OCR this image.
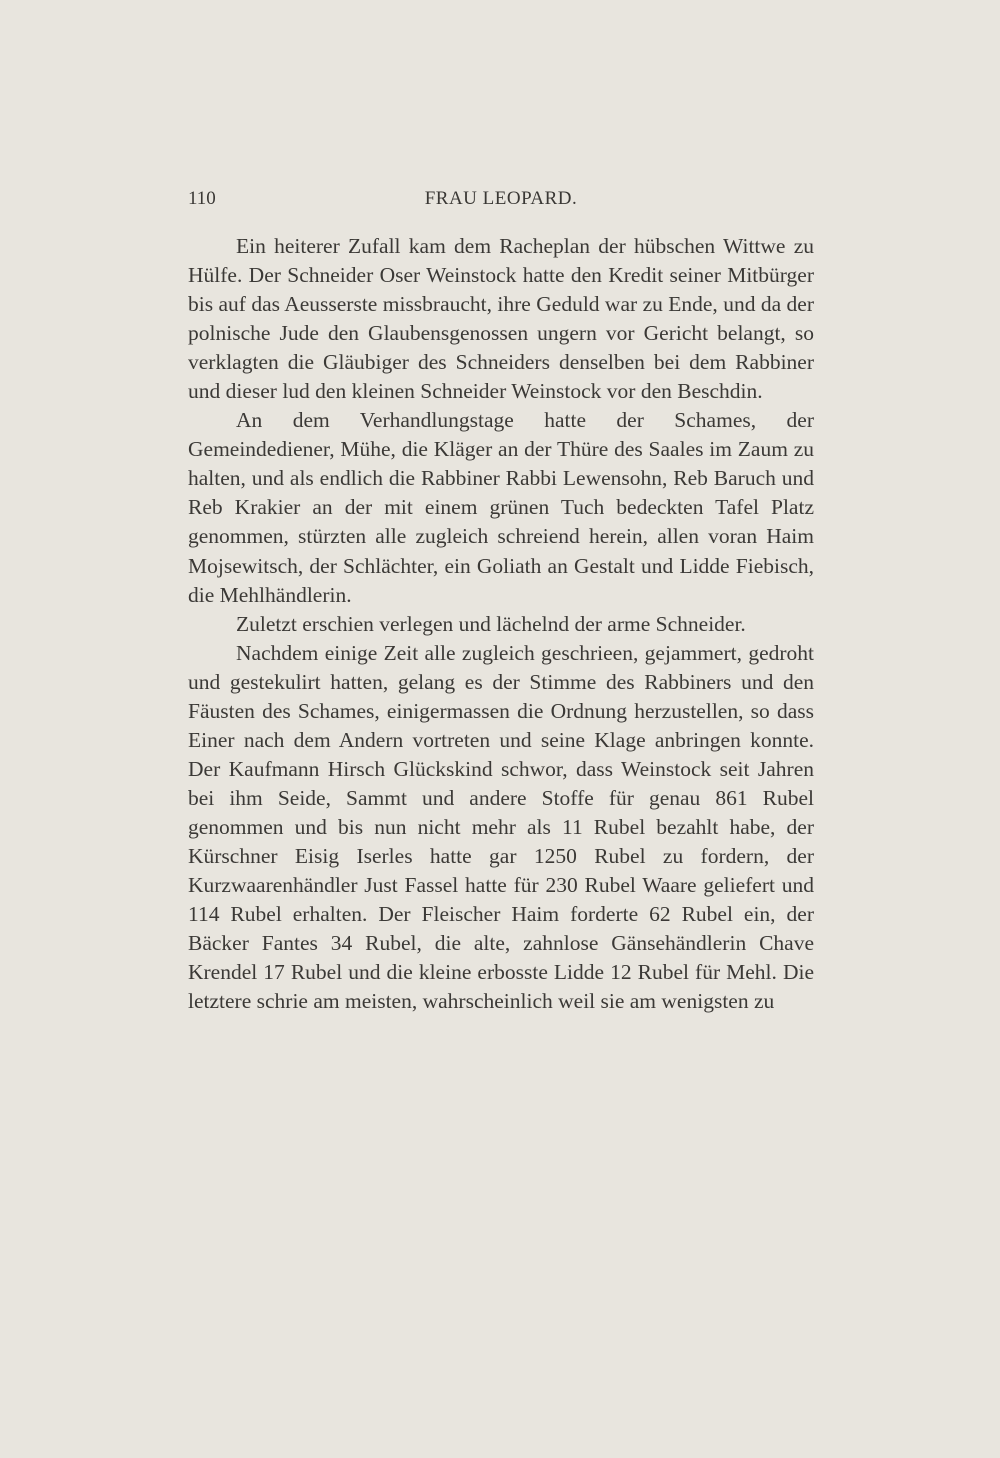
110	FRAU LEOPARD.

Ein heiterer Zufall kam dem Racheplan der hübschen Wittwe zu Hülfe. Der Schneider Oser Weinstock hatte den Kredit seiner Mitbürger bis auf das Aeusserste missbraucht, ihre Geduld war zu Ende, und da der polnische Jude den Glaubensgenossen ungern vor Gericht belangt, so verklagten die Gläubiger des Schneiders denselben bei dem Rabbiner und dieser lud den kleinen Schneider Weinstock vor den Beschdin.

An dem Verhandlungstage hatte der Schames, der Gemeindediener, Mühe, die Kläger an der Thüre des Saales im Zaum zu halten, und als endlich die Rabbiner Rabbi Lewensohn, Reb Baruch und Reb Krakier an der mit einem grünen Tuch bedeckten Tafel Platz genommen, stürzten alle zugleich schreiend herein, allen voran Haim Mojsewitsch, der Schlächter, ein Goliath an Gestalt und Lidde Fiebisch, die Mehlhändlerin.

Zuletzt erschien verlegen und lächelnd der arme Schneider.

Nachdem einige Zeit alle zugleich geschrieen, gejammert, gedroht und gestekulirt hatten, gelang es der Stimme des Rabbiners und den Fäusten des Schames, einigermassen die Ordnung herzustellen, so dass Einer nach dem Andern vortreten und seine Klage anbringen konnte. Der Kaufmann Hirsch Glückskind schwor, dass Weinstock seit Jahren bei ihm Seide, Sammt und andere Stoffe für genau 861 Rubel genommen und bis nun nicht mehr als 11 Rubel bezahlt habe, der Kürschner Eisig Iserles hatte gar 1250 Rubel zu fordern, der Kurzwaarenhändler Just Fassel hatte für 230 Rubel Waare geliefert und 114 Rubel erhalten. Der Fleischer Haim forderte 62 Rubel ein, der Bäcker Fantes 34 Rubel, die alte, zahnlose Gänsehändlerin Chave Krendel 17 Rubel und die kleine erbosste Lidde 12 Rubel für Mehl. Die letztere schrie am meisten, wahrscheinlich weil sie am wenigsten zu
